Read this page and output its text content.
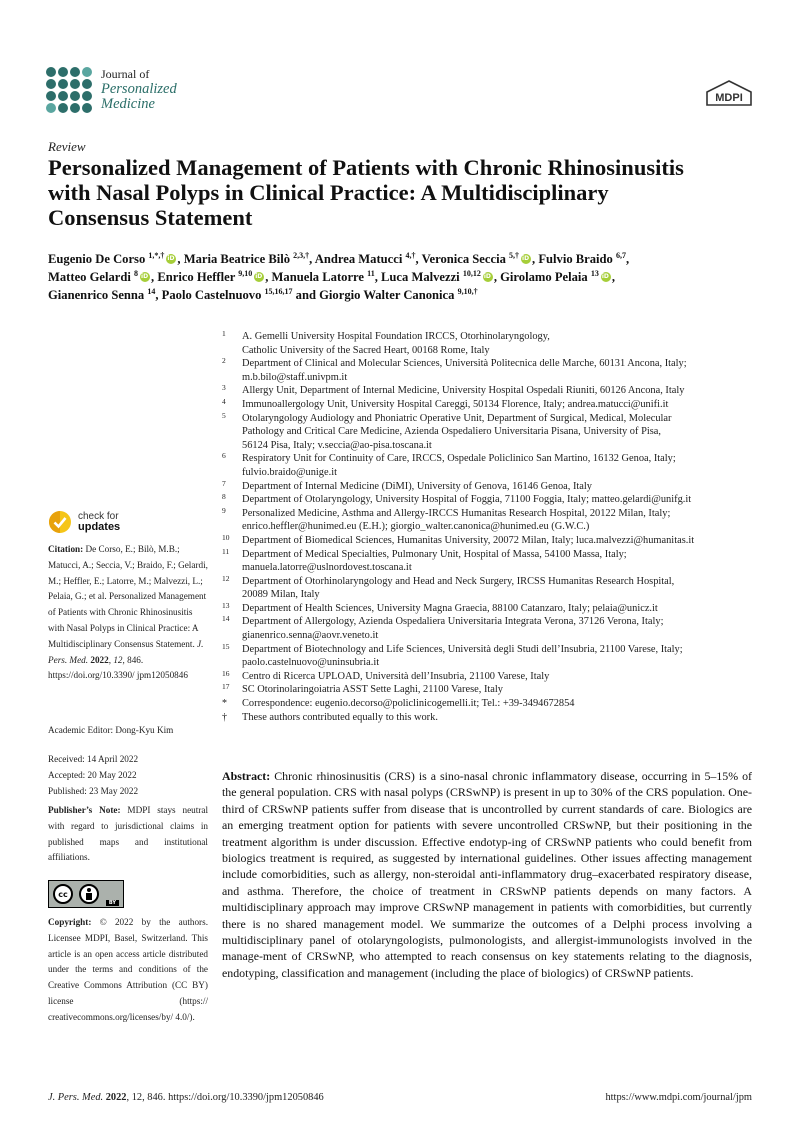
Journal of
Personalized
Medicine	MDPI
Review
Personalized Management of Patients with Chronic Rhinosinusitis with Nasal Polyps in Clinical Practice: A Multidisciplinary Consensus Statement
Eugenio De Corso $^{1,*,\dagger}$ iD , Maria Beatrice Bilò $^{2,3,\dagger}$, Andrea Matucci $^{4,\dagger}$, Veronica Seccia $^{5,\dagger}$ iD , Fulvio Braido $^{6,7}$,
Matteo Gelardi $^8$ iD , Enrico Heffler $^{9,10}$ iD , Manuela Latorre $^{11}$, Luca Malvezzi $^{10,12}$ iD , Girolamo Pelaia $^{13}$ iD ,
Gianenrico Senna $^{14}$, Paolo Castelnuovo $^{15,16,17}$ and Giorgio Walter Canonica $^{9,10,\dagger}$
1 A. Gemelli University Hospital Foundation IRCCS, Otorhinolaryngology,
Catholic University of the Sacred Heart, 00168 Rome, Italy
2 Department of Clinical and Molecular Sciences, Università Politecnica delle Marche, 60131 Ancona, Italy;
m.b.bilo@staff.univpm.it
3 Allergy Unit, Department of Internal Medicine, University Hospital Ospedali Riuniti, 60126 Ancona, Italy
4 Immunoallergology Unit, University Hospital Careggi, 50134 Florence, Italy; andrea.matucci@unifi.it
5 Otolaryngology Audiology and Phoniatric Operative Unit, Department of Surgical, Medical, Molecular
Pathology and Critical Care Medicine, Azienda Ospedaliero Universitaria Pisana, University of Pisa,
56124 Pisa, Italy; v.seccia@ao-pisa.toscana.it
6 Respiratory Unit for Continuity of Care, IRCCS, Ospedale Policlinico San Martino, 16132 Genoa, Italy;
fulvio.braido@unige.it
7 Department of Internal Medicine (DiMI), University of Genova, 16146 Genoa, Italy
8 Department of Otolaryngology, University Hospital of Foggia, 71100 Foggia, Italy; matteo.gelardi@unifg.it
9 Personalized Medicine, Asthma and Allergy-IRCCS Humanitas Research Hospital, 20122 Milan, Italy;
enrico.heffler@hunimed.eu (E.H.); giorgio_walter.canonica@hunimed.eu (G.W.C.)
10 Department of Biomedical Sciences, Humanitas University, 20072 Milan, Italy; luca.malvezzi@humanitas.it
11 Department of Medical Specialties, Pulmonary Unit, Hospital of Massa, 54100 Massa, Italy;
manuela.latorre@uslnordovest.toscana.it
12 Department of Otorhinolaryngology and Head and Neck Surgery, IRCSS Humanitas Research Hospital,
20089 Milan, Italy
13 Department of Health Sciences, University Magna Graecia, 88100 Catanzaro, Italy; pelaia@unicz.it
14 Department of Allergology, Azienda Ospedaliera Universitaria Integrata Verona, 37126 Verona, Italy;
gianenrico.senna@aovr.veneto.it
15 Department of Biotechnology and Life Sciences, Università degli Studi dell’Insubria, 21100 Varese, Italy;
paolo.castelnuovo@uninsubria.it
16 Centro di Ricerca UPLOAD, Università dell’Insubria, 21100 Varese, Italy
17 SC Otorinolaringoiatria ASST Sette Laghi, 21100 Varese, Italy
* Correspondence: eugenio.decorso@policlinicogemelli.it; Tel.: +39-3494672854
† These authors contributed equally to this work.
check for
updates
Citation: De Corso, E.; Bilò, M.B.; Matucci, A.; Seccia, V.; Braido, F.; Gelardi, M.; Heffler, E.; Latorre, M.; Malvezzi, L.; Pelaia, G.; et al. Personalized Management of Patients with Chronic Rhinosinusitis with Nasal Polyps in Clinical Practice: A Multidisciplinary Consensus Statement. J. Pers. Med. 2022, 12, 846. https://doi.org/10.3390/ jpm12050846
Academic Editor: Dong-Kyu Kim
Received: 14 April 2022
Accepted: 20 May 2022
Published: 23 May 2022
Publisher’s Note: MDPI stays neutral with regard to jurisdictional claims in published maps and institutional affiliations.
cc
BY
Copyright: © 2022 by the authors. Licensee MDPI, Basel, Switzerland. This article is an open access article distributed under the terms and conditions of the Creative Commons Attribution (CC BY) license (https:// creativecommons.org/licenses/by/ 4.0/).
Abstract: Chronic rhinosinusitis (CRS) is a sino-nasal chronic inflammatory disease, occurring in 5–15% of the general population. CRS with nasal polyps (CRSwNP) is present in up to 30% of the CRS population. One-third of CRSwNP patients suffer from disease that is uncontrolled by current standards of care. Biologics are an emerging treatment option for patients with severe uncontrolled CRSwNP, but their positioning in the treatment algorithm is under discussion. Effective endotyp-ing of CRSwNP patients who could benefit from biologics treatment is required, as suggested by international guidelines. Other issues affecting management include comorbidities, such as allergy, non-steroidal anti-inflammatory drug–exacerbated respiratory disease, and asthma. Therefore, the choice of treatment in CRSwNP patients depends on many factors. A multidisciplinary approach may improve CRSwNP management in patients with comorbidities, but currently there is no shared management model. We summarize the outcomes of a Delphi process involving a multidisciplinary panel of otolaryngologists, pulmonologists, and allergist-immunologists involved in the manage-ment of CRSwNP, who attempted to reach consensus on key statements relating to the diagnosis, endotyping, classification and management (including the place of biologics) of CRSwNP patients.
J. Pers. Med. 2022, 12, 846. https://doi.org/10.3390/jpm12050846	https://www.mdpi.com/journal/jpm
